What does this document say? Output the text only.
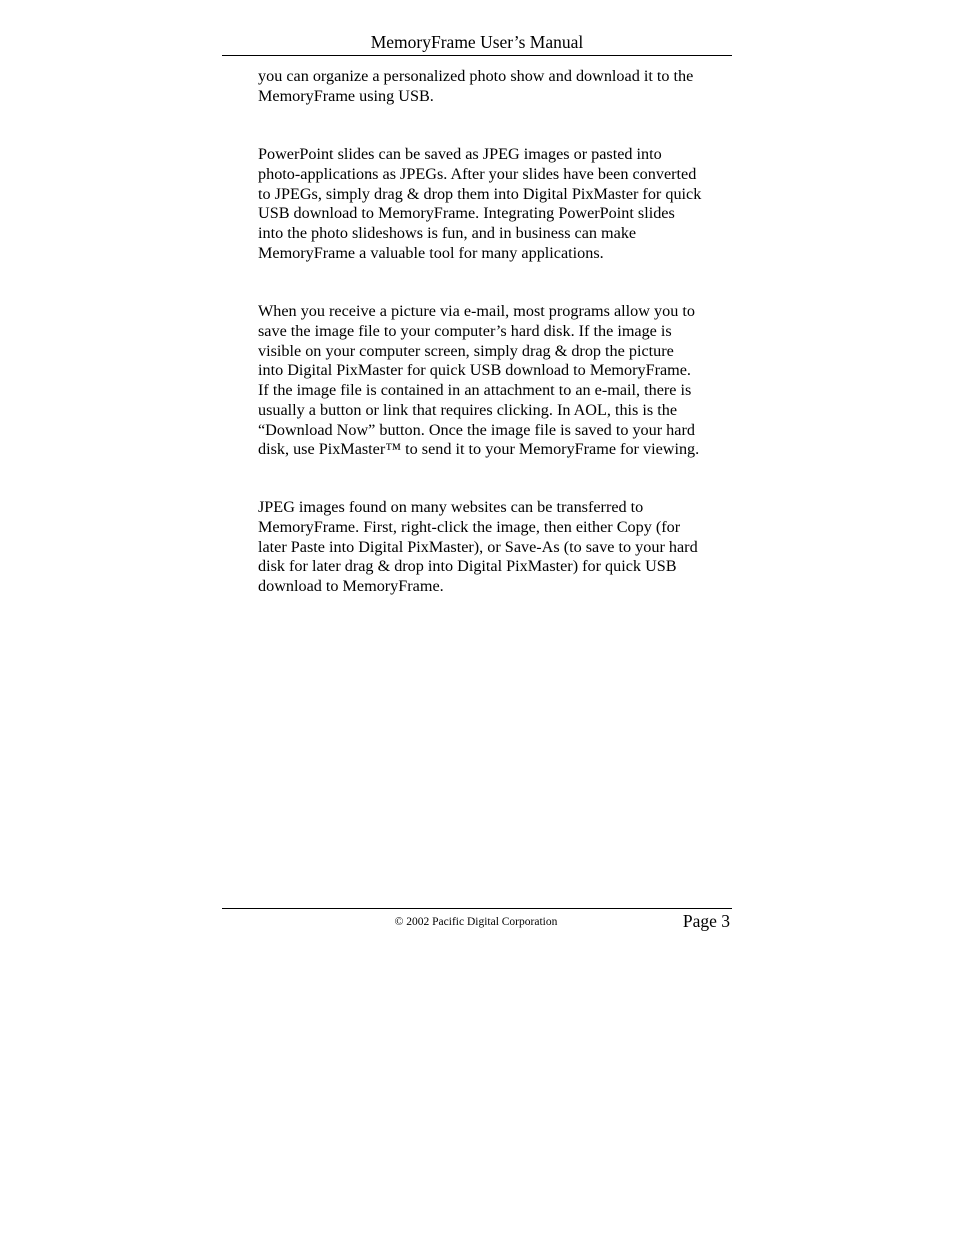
MemoryFrame User’s Manual

you can organize a personalized photo show and download it to the
MemoryFrame using USB.

PowerPoint slides can be saved as JPEG images or pasted into
photo-applications as JPEGs. After your slides have been converted
to JPEGs, simply drag & drop them into Digital PixMaster for quick
USB download to MemoryFrame. Integrating PowerPoint slides
into the photo slideshows is fun, and in business can make
MemoryFrame a valuable tool for many applications.

When you receive a picture via e-mail, most programs allow you to
save the image file to your computer’s hard disk. If the image is
visible on your computer screen, simply drag & drop the picture
into Digital PixMaster for quick USB download to MemoryFrame.
If the image file is contained in an attachment to an e-mail, there is
usually a button or link that requires clicking. In AOL, this is the
“Download Now” button. Once the image file is saved to your hard
disk, use PixMaster™ to send it to your MemoryFrame for viewing.

JPEG images found on many websites can be transferred to
MemoryFrame. First, right-click the image, then either Copy (for
later Paste into Digital PixMaster), or Save-As (to save to your hard
disk for later drag & drop into Digital PixMaster) for quick USB
download to MemoryFrame.

© 2002 Pacific Digital Corporation	Page 3
